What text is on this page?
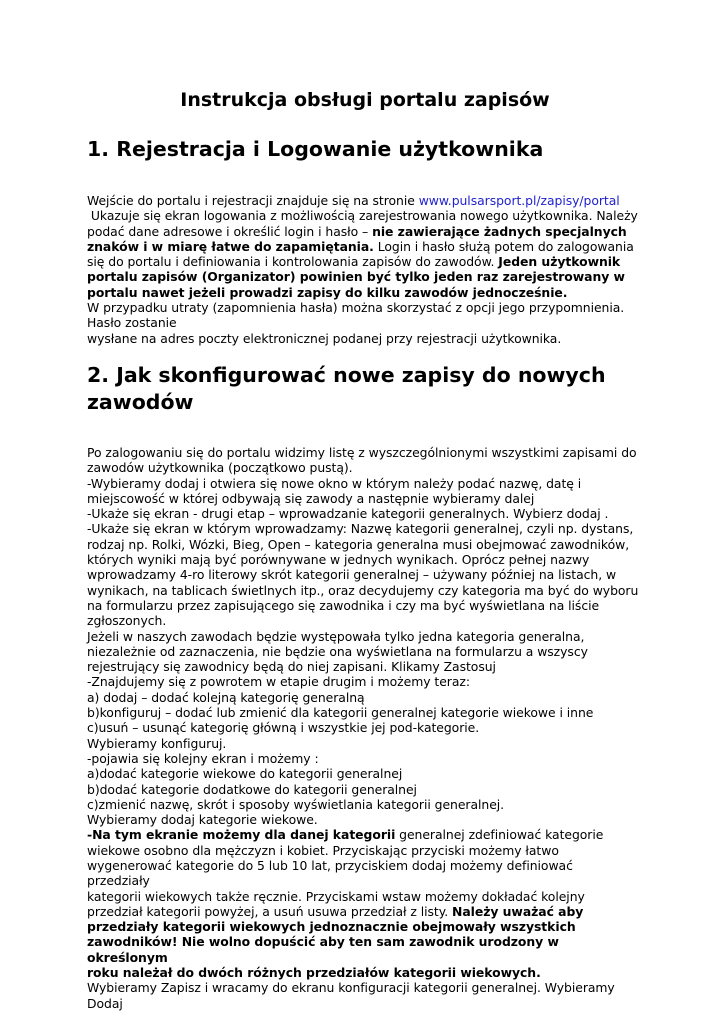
Instrukcja obsługi portalu zapisów
1. Rejestracja i Logowanie użytkownika

Wejście do portalu i rejestracji znajduje się na stronie www.pulsarsport.pl/zapisy/portal

Ukazuje się ekran logowania z możliwością zarejestrowania nowego użytkownika. Należy

podać dane adresowe i określić login i hasło – nie zawierające żadnych specjalnych

znaków i w miarę łatwe do zapamiętania. Login i hasło służą potem do zalogowania

się do portalu i definiowania i kontrolowania zapisów do zawodów. Jeden użytkownik

portalu zapisów (Organizator) powinien być tylko jeden raz zarejestrowany w

portalu nawet jeżeli prowadzi zapisy do kilku zawodów jednocześnie.

W przypadku utraty (zapomnienia hasła) można skorzystać z opcji jego przypomnienia.

Hasło zostanie

wysłane na adres poczty elektronicznej podanej przy rejestracji użytkownika.

2. Jak skonfigurować nowe zapisy do nowych
zawodów

Po zalogowaniu się do portalu widzimy listę z wyszczególnionymi wszystkimi zapisami do

zawodów użytkownika (początkowo pustą).

-Wybieramy dodaj i otwiera się nowe okno w którym należy podać nazwę, datę i

miejscowość w której odbywają się zawody a następnie wybieramy dalej

-Ukaże się ekran - drugi etap – wprowadzanie kategorii generalnych. Wybierz dodaj .

-Ukaże się ekran w którym wprowadzamy: Nazwę kategorii generalnej, czyli np. dystans,

rodzaj np. Rolki, Wózki, Bieg, Open – kategoria generalna musi obejmować zawodników,

których wyniki mają być porównywane w jednych wynikach. Oprócz pełnej nazwy

wprowadzamy 4-ro literowy skrót kategorii generalnej – używany później na listach, w

wynikach, na tablicach świetlnych itp., oraz decydujemy czy kategoria ma być do wyboru

na formularzu przez zapisującego się zawodnika i czy ma być wyświetlana na liście

zgłoszonych.

Jeżeli w naszych zawodach będzie występowała tylko jedna kategoria generalna,

niezależnie od zaznaczenia, nie będzie ona wyświetlana na formularzu a wszyscy

rejestrujący się zawodnicy będą do niej zapisani. Klikamy Zastosuj

-Znajdujemy się z powrotem w etapie drugim i możemy teraz:

a) dodaj – dodać kolejną kategorię generalną

b)konfiguruj – dodać lub zmienić dla kategorii generalnej kategorie wiekowe i inne

c)usuń – usunąć kategorię główną i wszystkie jej pod-kategorie.

Wybieramy konfiguruj.

-pojawia się kolejny ekran i możemy :

a)dodać kategorie wiekowe do kategorii generalnej

b)dodać kategorie dodatkowe do kategorii generalnej

c)zmienić nazwę, skrót i sposoby wyświetlania kategorii generalnej.

Wybieramy dodaj kategorie wiekowe.

-Na tym ekranie możemy dla danej kategorii generalnej zdefiniować kategorie

wiekowe osobno dla mężczyzn i kobiet. Przyciskając przyciski możemy łatwo

wygenerować kategorie do 5 lub 10 lat, przyciskiem dodaj możemy definiować przedziały

kategorii wiekowych także ręcznie. Przyciskami wstaw możemy dokładać kolejny

przedział kategorii powyżej, a usuń usuwa przedział z listy. Należy uważać aby

przedziały kategorii wiekowych jednoznacznie obejmowały wszystkich

zawodników! Nie wolno dopuścić aby ten sam zawodnik urodzony w określonym

roku należał do dwóch różnych przedziałów kategorii wiekowych.

Wybieramy Zapisz i wracamy do ekranu konfiguracji kategorii generalnej. Wybieramy

Dodaj
